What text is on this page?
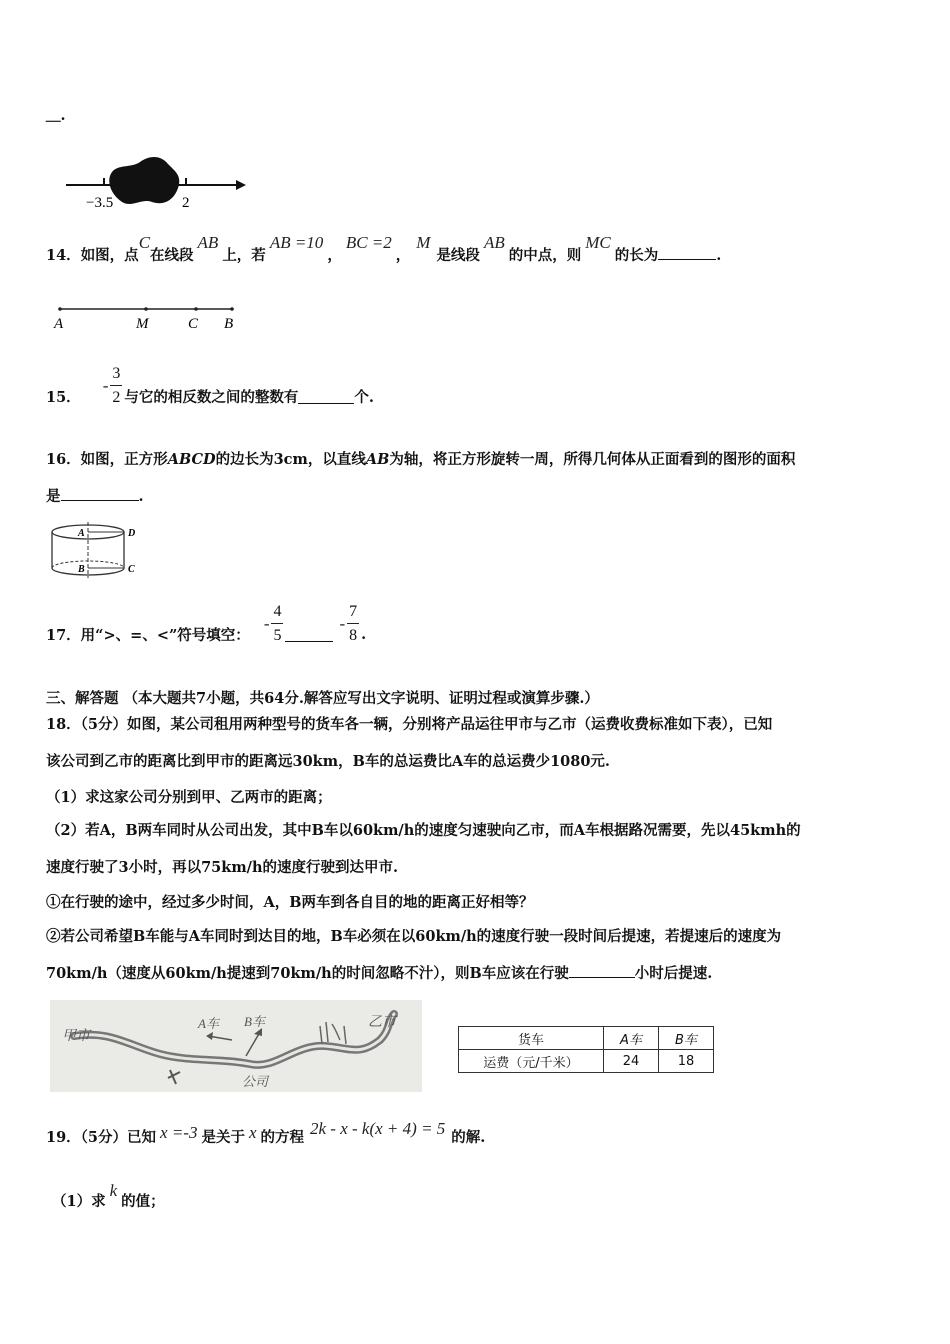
＿.
−3.5	2
14．如图，点C在线段AB上，若AB =10，BC =2，M是线段AB的中点，则MC的长为	.
A	M	C B
15．
- $\frac{3}{2}$ 与它的相反数之间的整数有	个.
16．如图，正方形ABCD的边长为3cm，以直线AB为轴，将正方形旋转一周，所得几何体从正面看到的图形的面积
是	.
A	D
B	C
17．用“>、=、<”符号填空：
- $\frac{4}{5}$	- $\frac{7}{8}$ .
三、解答题 （本大题共7小题，共64分.解答应写出文字说明、证明过程或演算步骤.）
18．（5分）如图，某公司租用两种型号的货车各一辆，分别将产品运往甲市与乙市（运费收费标准如下表），已知
该公司到乙市的距离比到甲市的距离远30km，B车的总运费比A车的总运费少1080元.
（1）求这家公司分别到甲、乙两市的距离；
（2）若A，B两车同时从公司出发，其中B车以60km/h的速度匀速驶向乙市，而A车根据路况需要，先以45kmh的
速度行驶了3小时，再以75km/h的速度行驶到达甲市.
①在行驶的途中，经过多少时间，A，B两车到各自目的地的距离正好相等？
②若公司希望B车能与A车同时到达目的地，B车必须在以60km/h的速度行驶一段时间后提速，若提速后的速度为
70km/h（速度从60km/h提速到70km/h的时间忽略不汁），则B车应该在行驶	小时后提速.
甲市
乙市
A车 B车
公司
货车	A车	B车
运费（元/千米）	24	18
19．（5分）已知 x =-3 是关于 x 的方程 2k - x - k(x + 4) = 5 的解.
（1）求
k
的值；
